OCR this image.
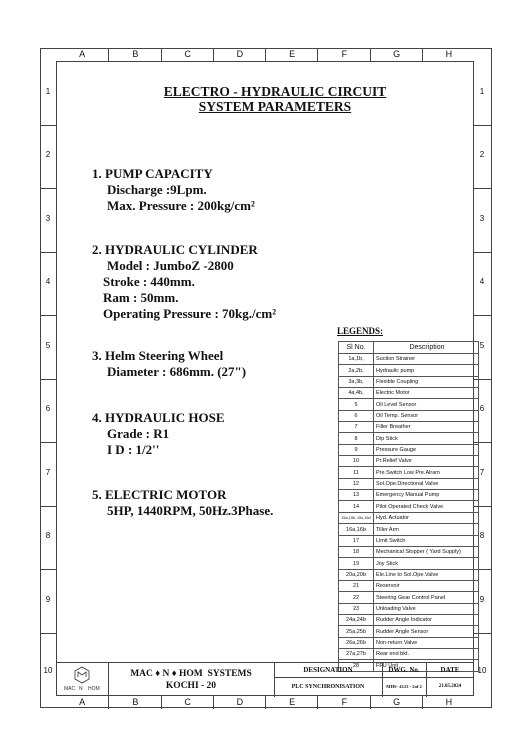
A	B	C	D	E	F	G	H
A	B	C	D	E	F	G	H
1
2
3
4
5
6
7
8
9
10
1
2
3
4
5
6
7
8
9
10
ELECTRO - HYDRAULIC CIRCUIT
SYSTEM PARAMETERS
1. PUMP CAPACITY
Discharge :9Lpm.
Max. Pressure : 200kg/cm²
2. HYDRAULIC CYLINDER
Model : JumboZ -2800
Stroke : 440mm.
Ram : 50mm.
Operating Pressure : 70kg./cm²
3. Helm Steering Wheel
Diameter : 686mm. (27")
4. HYDRAULIC HOSE
Grade : R1
I D : 1/2''
5. ELECTRIC MOTOR
5HP, 1440RPM, 50Hz.3Phase.
LEGENDS:
Sl No.	Description
1a,1b,	Suction Strainer
2a,2b,	Hydraulic pump
3a,3b,	Flexible Coupling
4a,4b,	Electric Motor
5	Oil Level Sensor
6	Oil Temp. Sensor
7	Filler Breather
8	Dip Stick
9	Pressure Gauge
10	Pr.Relief Valve
11	Pre.Switch Low Pre.Alram
12	Sol.Ope.Directional Valve
13	Emergency Manual Pump
14	Pilot Operated Check Valve
15a,15b, 15c,15d	Hyd. Actuator
16a,16b	Tiller Arm
17	Limit Switch
18	Mechanical Stopper ( Yard Supply)
19	Joy Stick
20a,20b	Ele.Line to Sol.Ope.Valve
21	Reservoir
22	Steering Gear Control Panel
23	Unloading Valve
24a,24b	Rudder Angle Indicator
25a,25b	Rudder Angle Sensor
26a,26b	Non-return Valve
27a,27b	Rear end bkt.
28	FFU Unit
MAC N HOM
MAC ♦ N ♦ HOM  SYSTEMS
KOCHI - 20
DESIGNATION
PLC SYNCHRONISATION
DWG. No.
MHS- 4123 - 2of 2
DATE
21.05.2024
